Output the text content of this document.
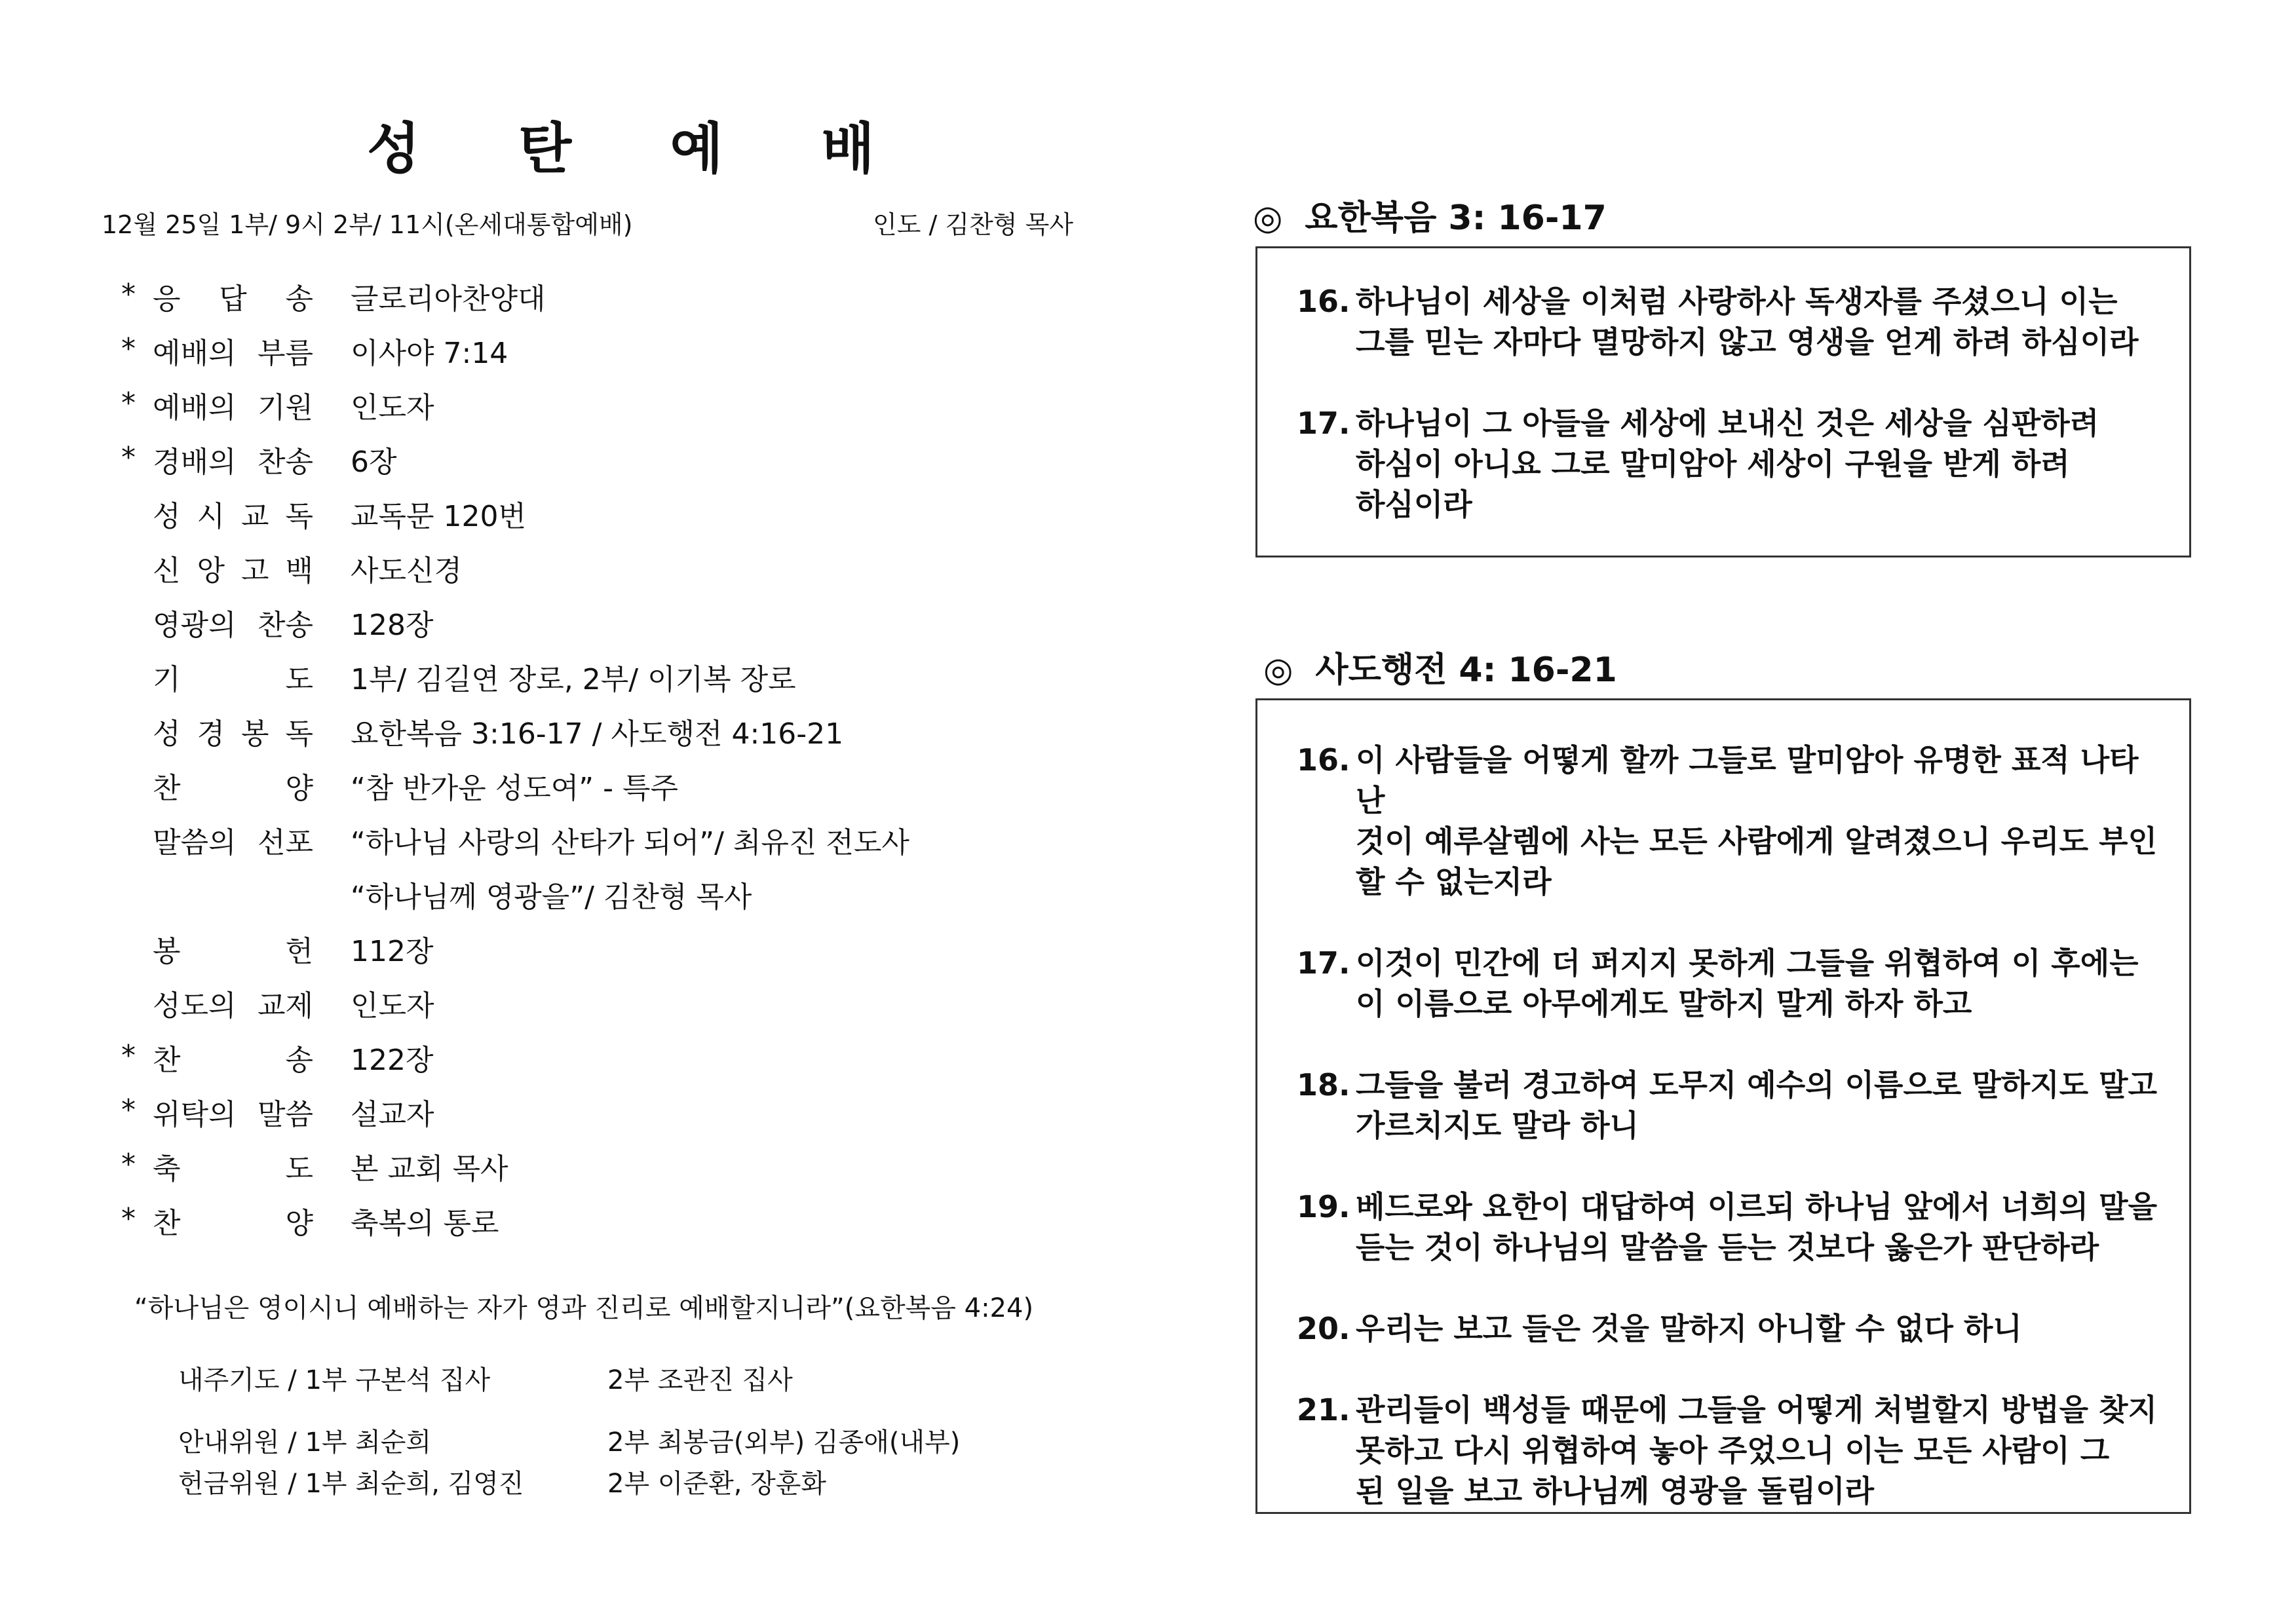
성 탄 예 배
12월 25일 1부/ 9시 2부/ 11시(온세대통합예배)	인도 / 김찬형 목사
* 응 답 송 글로리아찬양대
* 예배의 부름 이사야 7:14
* 예배의 기원 인도자
* 경배의 찬송 6장
성 시 교 독 교독문 120번
신 앙 고 백 사도신경
영광의 찬송 128장
기	도 1부/ 김길연 장로, 2부/ 이기복 장로
성 경 봉 독 요한복음 3:16-17 / 사도행전 4:16-21
찬	양 “참 반가운 성도여” - 특주
말씀의 선포 “하나님 사랑의 산타가 되어”/ 최유진 전도사
“하나님께 영광을”/ 김찬형 목사
봉	헌 112장
성도의 교제 인도자
* 찬	송 122장
* 위탁의 말씀 설교자
* 축	도 본 교회 목사
* 찬	양 축복의 통로
“하나님은 영이시니 예배하는 자가 영과 진리로 예배할지니라”(요한복음 4:24)
내주기도 / 1부 구본석 집사	2부 조관진 집사
안내위원 / 1부 최순희	2부 최봉금(외부) 김종애(내부)
헌금위원 / 1부 최순희, 김영진	2부 이준환, 장훈화
◎ 요한복음 3: 16-17
16. 하나님이 세상을 이처럼 사랑하사 독생자를 주셨으니 이는
그를 믿는 자마다 멸망하지 않고 영생을 얻게 하려 하심이라
17. 하나님이 그 아들을 세상에 보내신 것은 세상을 심판하려
하심이 아니요 그로 말미암아 세상이 구원을 받게 하려
하심이라
◎ 사도행전 4: 16-21
16. 이 사람들을 어떻게 할까 그들로 말미암아 유명한 표적 나타난
것이 예루살렘에 사는 모든 사람에게 알려졌으니 우리도 부인
할 수 없는지라
17. 이것이 민간에 더 퍼지지 못하게 그들을 위협하여 이 후에는
이 이름으로 아무에게도 말하지 말게 하자 하고
18. 그들을 불러 경고하여 도무지 예수의 이름으로 말하지도 말고
가르치지도 말라 하니
19. 베드로와 요한이 대답하여 이르되 하나님 앞에서 너희의 말을
듣는 것이 하나님의 말씀을 듣는 것보다 옳은가 판단하라
20. 우리는 보고 들은 것을 말하지 아니할 수 없다 하니
21. 관리들이 백성들 때문에 그들을 어떻게 처벌할지 방법을 찾지
못하고 다시 위협하여 놓아 주었으니 이는 모든 사람이 그
된 일을 보고 하나님께 영광을 돌림이라
